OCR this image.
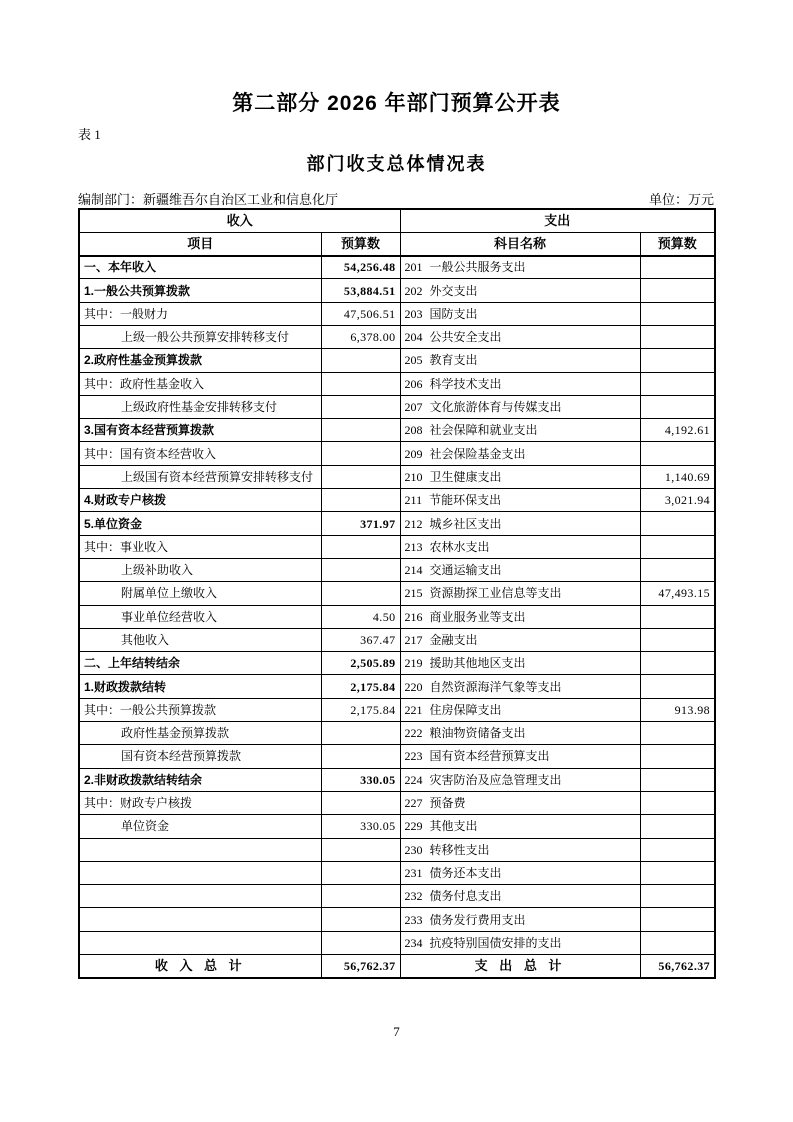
第二部分 2026 年部门预算公开表
表 1
部门收支总体情况表
编制部门：新疆维吾尔自治区工业和信息化厅	单位：万元
收入		支出	
项目	预算数	科目名称	预算数
一、本年收入	54,256.48	201 一般公共服务支出	
1.一般公共预算拨款	53,884.51	202 外交支出	
其中：一般财力	47,506.51	203 国防支出	
上级一般公共预算安排转移支付	6,378.00	204 公共安全支出	
2.政府性基金预算拨款		205 教育支出	
其中：政府性基金收入		206 科学技术支出	
上级政府性基金安排转移支付		207 文化旅游体育与传媒支出	
3.国有资本经营预算拨款		208 社会保障和就业支出	4,192.61
其中：国有资本经营收入		209 社会保险基金支出	
上级国有资本经营预算安排转移支付		210 卫生健康支出	1,140.69
4.财政专户核拨		211 节能环保支出	3,021.94
5.单位资金	371.97	212 城乡社区支出	
其中：事业收入		213 农林水支出	
上级补助收入		214 交通运输支出	
附属单位上缴收入		215 资源勘探工业信息等支出	47,493.15
事业单位经营收入	4.50	216 商业服务业等支出	
其他收入	367.47	217 金融支出	
二、上年结转结余	2,505.89	219 援助其他地区支出	
1.财政拨款结转	2,175.84	220 自然资源海洋气象等支出	
其中：一般公共预算拨款	2,175.84	221 住房保障支出	913.98
政府性基金预算拨款		222 粮油物资储备支出	
国有资本经营预算拨款		223 国有资本经营预算支出	
2.非财政拨款结转结余	330.05	224 灾害防治及应急管理支出	
其中：财政专户核拨		227 预备费	
单位资金	330.05	229 其他支出	
		230 转移性支出	
		231 债务还本支出	
		232 债务付息支出	
		233 债务发行费用支出	
		234 抗疫特别国债安排的支出	
收 入 总 计	56,762.37	支 出 总 计	56,762.37
7
